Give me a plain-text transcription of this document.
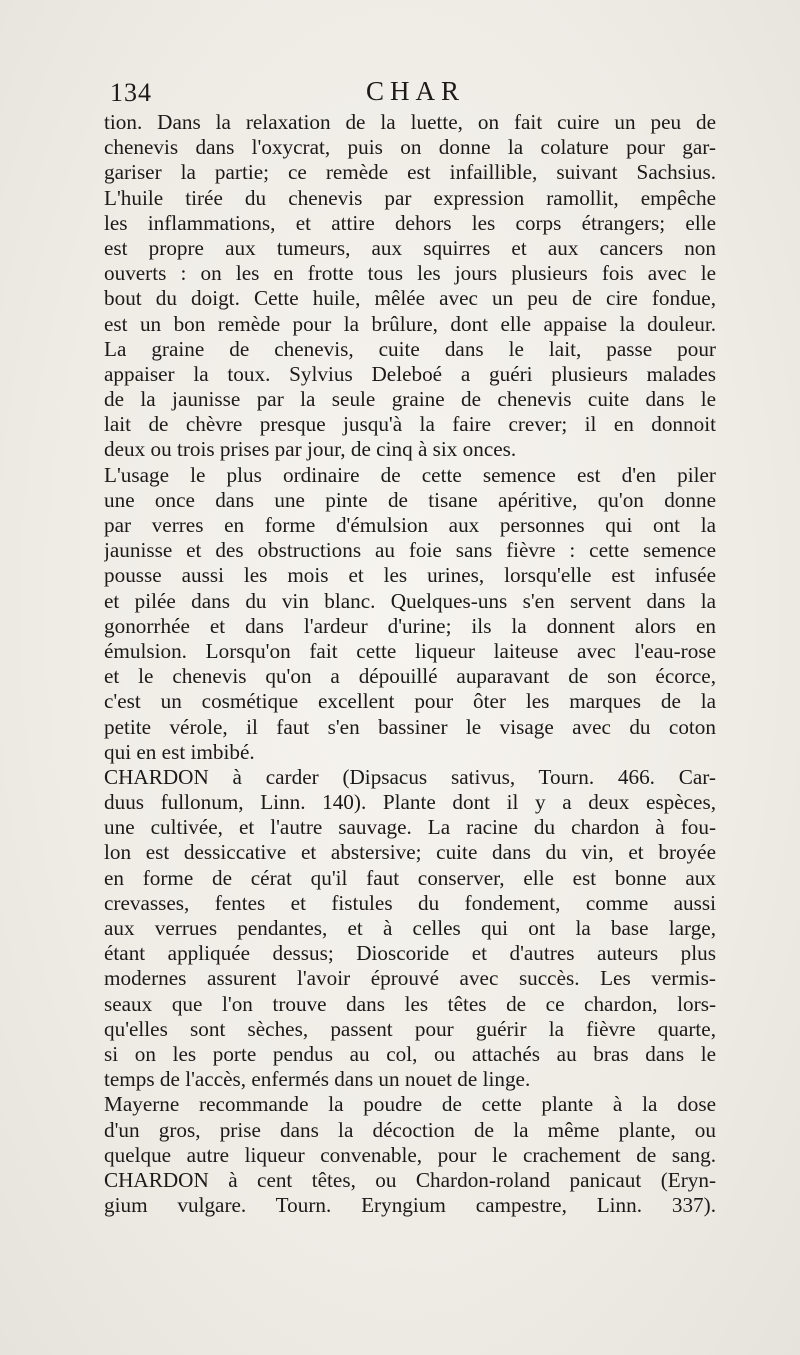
134	CHAR
tion. Dans la relaxation de la luette, on fait cuire un peu de
chenevis dans l'oxycrat, puis on donne la colature pour gar-
gariser la partie; ce remède est infaillible, suivant Sachsius.
L'huile tirée du chenevis par expression ramollit, empêche
les inflammations, et attire dehors les corps étrangers; elle
est propre aux tumeurs, aux squirres et aux cancers non
ouverts : on les en frotte tous les jours plusieurs fois avec le
bout du doigt. Cette huile, mêlée avec un peu de cire fondue,
est un bon remède pour la brûlure, dont elle appaise la douleur.
La graine de chenevis, cuite dans le lait, passe pour
appaiser la toux. Sylvius Deleboé a guéri plusieurs malades
de la jaunisse par la seule graine de chenevis cuite dans le
lait de chèvre presque jusqu'à la faire crever; il en donnoit
deux ou trois prises par jour, de cinq à six onces.
L'usage le plus ordinaire de cette semence est d'en piler
une once dans une pinte de tisane apéritive, qu'on donne
par verres en forme d'émulsion aux personnes qui ont la
jaunisse et des obstructions au foie sans fièvre : cette semence
pousse aussi les mois et les urines, lorsqu'elle est infusée
et pilée dans du vin blanc. Quelques-uns s'en servent dans la
gonorrhée et dans l'ardeur d'urine; ils la donnent alors en
émulsion. Lorsqu'on fait cette liqueur laiteuse avec l'eau-rose
et le chenevis qu'on a dépouillé auparavant de son écorce,
c'est un cosmétique excellent pour ôter les marques de la
petite vérole, il faut s'en bassiner le visage avec du coton
qui en est imbibé.
CHARDON à carder (Dipsacus sativus, Tourn. 466. Car-
duus fullonum, Linn. 140). Plante dont il y a deux espèces,
une cultivée, et l'autre sauvage. La racine du chardon à fou-
lon est dessiccative et abstersive; cuite dans du vin, et broyée
en forme de cérat qu'il faut conserver, elle est bonne aux
crevasses, fentes et fistules du fondement, comme aussi
aux verrues pendantes, et à celles qui ont la base large,
étant appliquée dessus; Dioscoride et d'autres auteurs plus
modernes assurent l'avoir éprouvé avec succès. Les vermis-
seaux que l'on trouve dans les têtes de ce chardon, lors-
qu'elles sont sèches, passent pour guérir la fièvre quarte,
si on les porte pendus au col, ou attachés au bras dans le
temps de l'accès, enfermés dans un nouet de linge.
Mayerne recommande la poudre de cette plante à la dose
d'un gros, prise dans la décoction de la même plante, ou
quelque autre liqueur convenable, pour le crachement de sang.
CHARDON à cent têtes, ou Chardon-roland panicaut (Eryn-
gium vulgare. Tourn. Eryngium campestre, Linn. 337).
